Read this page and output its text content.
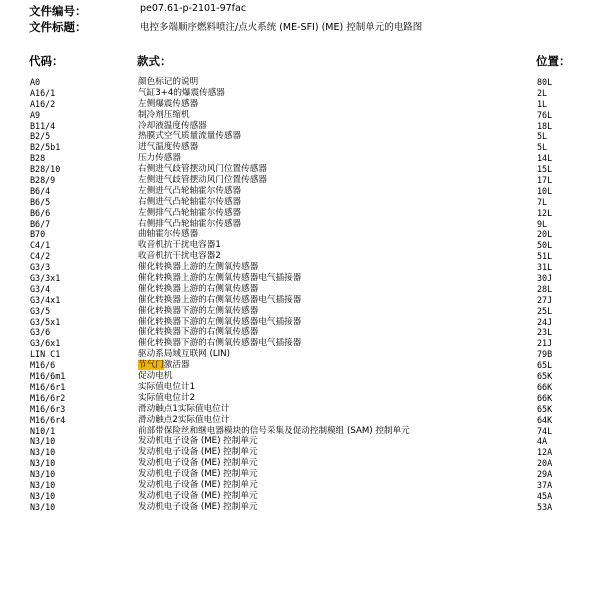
文件编号：	pe07.61-p-2101-97fac
文件标题：	电控多端顺序燃料喷注/点火系统 (ME-SFI) (ME) 控制单元的电路图
代码：	款式：	位置：
A0	颜色标记的说明	80L
A16/1	气缸3+4的爆震传感器	2L
A16/2	左侧爆震传感器	1L
A9	制冷剂压缩机	76L
B11/4	冷却液温度传感器	18L
B2/5	热膜式空气质量流量传感器	5L
B2/5b1	进气温度传感器	5L
B28	压力传感器	14L
B28/10	右侧进气歧管摆动风门位置传感器	15L
B28/9	左侧进气歧管摆动风门位置传感器	17L
B6/4	左侧进气凸轮轴霍尔传感器	10L
B6/5	右侧进气凸轮轴霍尔传感器	7L
B6/6	左侧排气凸轮轴霍尔传感器	12L
B6/7	右侧排气凸轮轴霍尔传感器	9L
B70	曲轴霍尔传感器	20L
C4/1	收音机抗干扰电容器1	50L
C4/2	收音机抗干扰电容器2	51L
G3/3	催化转换器上游的左侧氧传感器	31L
G3/3x1	催化转换器上游的左侧氧传感器电气插接器	30J
G3/4	催化转换器上游的右侧氧传感器	28L
G3/4x1	催化转换器上游的右侧氧传感器电气插接器	27J
G3/5	催化转换器下游的左侧氧传感器	25L
G3/5x1	催化转换器下游的左侧氧传感器电气插接器	24J
G3/6	催化转换器下游的右侧氧传感器	23L
G3/6x1	催化转换器下游的右侧氧传感器电气插接器	21J
LIN C1	驱动系局域互联网 (LIN)	79B
M16/6	节气门激活器	65L
M16/6m1	促动电机	65K
M16/6r1	实际值电位计1	66K
M16/6r2	实际值电位计2	66K
M16/6r3	滑动触点1实际值电位计	65K
M16/6r4	滑动触点2实际值电位计	64K
N10/1	前部带保险丝和继电器模块的信号采集及促动控制模组 (SAM) 控制单元	74L
N3/10	发动机电子设备 (ME) 控制单元	4A
N3/10	发动机电子设备 (ME) 控制单元	12A
N3/10	发动机电子设备 (ME) 控制单元	20A
N3/10	发动机电子设备 (ME) 控制单元	29A
N3/10	发动机电子设备 (ME) 控制单元	37A
N3/10	发动机电子设备 (ME) 控制单元	45A
N3/10	发动机电子设备 (ME) 控制单元	53A
